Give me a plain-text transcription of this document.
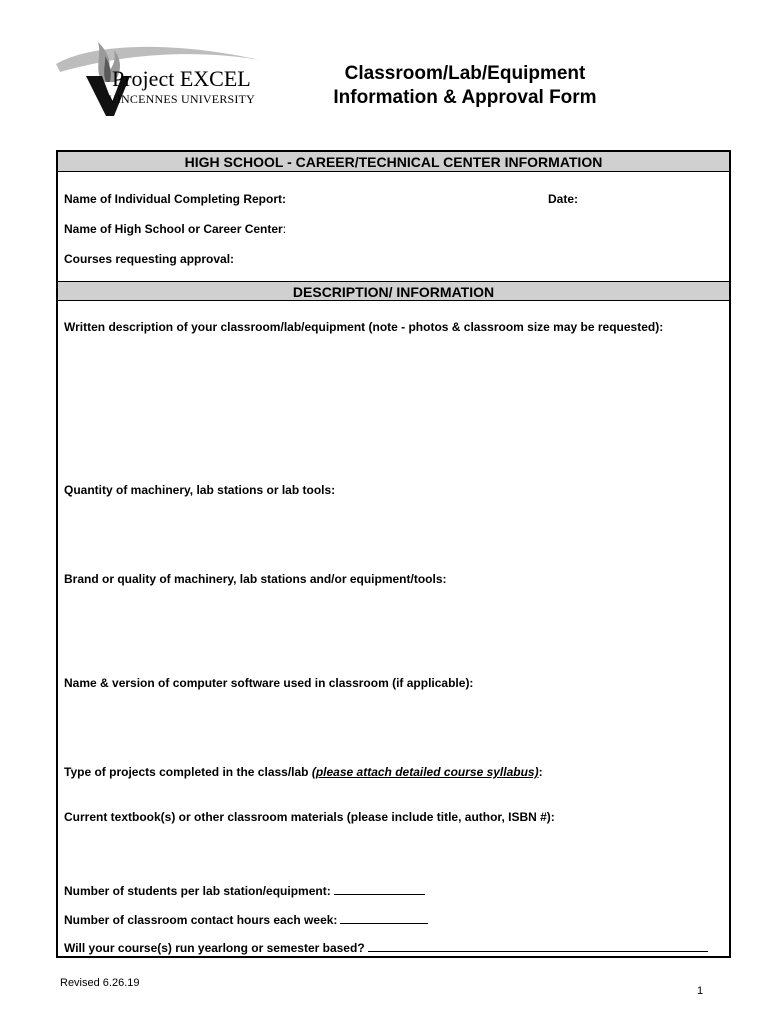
Project EXCEL
VINCENNES UNIVERSITY
Classroom/Lab/Equipment
Information & Approval Form
HIGH SCHOOL - CAREER/TECHNICAL CENTER INFORMATION
Name of Individual Completing Report:	Date:
Name of High School or Career Center:
Courses requesting approval:
DESCRIPTION/ INFORMATION
Written description of your classroom/lab/equipment (note - photos & classroom size may be requested):
Quantity of machinery, lab stations or lab tools:
Brand or quality of machinery, lab stations and/or equipment/tools:
Name & version of computer software used in classroom (if applicable):
Type of projects completed in the class/lab (please attach detailed course syllabus):
Current textbook(s) or other classroom materials (please include title, author, ISBN #):
Number of students per lab station/equipment:
Number of classroom contact hours each week:
Will your course(s) run yearlong or semester based?
Revised 6.26.19
1
